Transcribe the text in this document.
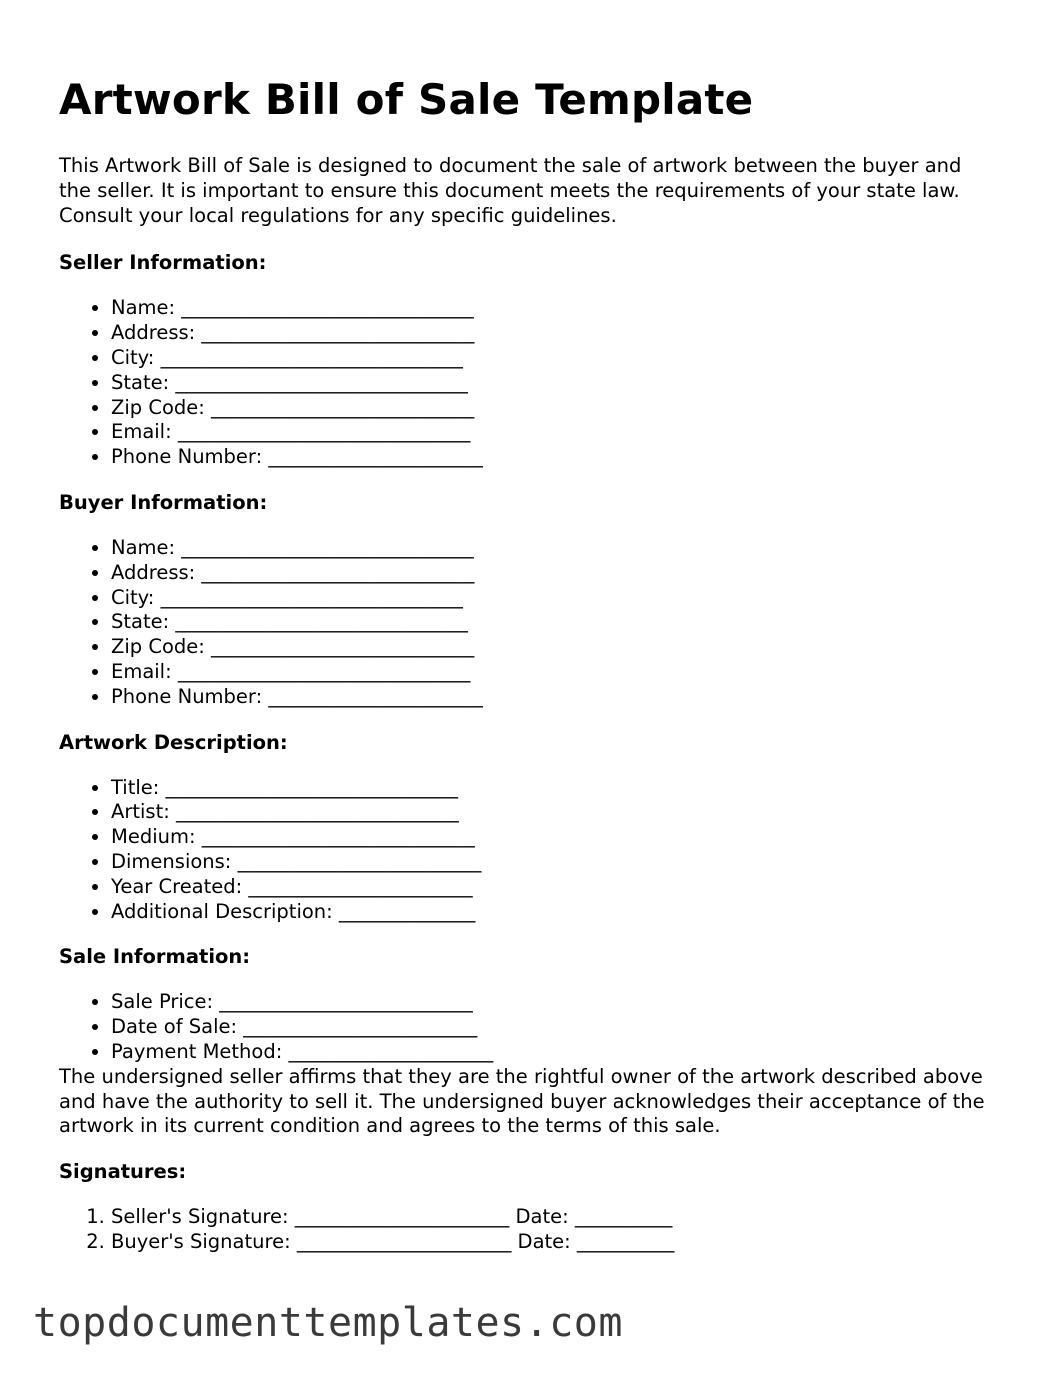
Artwork Bill of Sale Template

This Artwork Bill of Sale is designed to document the sale of artwork between the buyer and the seller. It is important to ensure this document meets the requirements of your state law. Consult your local regulations for any specific guidelines.

Seller Information:
• Name: ______________________________
• Address: ____________________________
• City: _______________________________
• State: ______________________________
• Zip Code: ___________________________
• Email: ______________________________
• Phone Number: ______________________
Buyer Information:
• Name: ______________________________
• Address: ____________________________
• City: _______________________________
• State: ______________________________
• Zip Code: ___________________________
• Email: ______________________________
• Phone Number: ______________________
Artwork Description:
• Title: ______________________________
• Artist: _____________________________
• Medium: ____________________________
• Dimensions: _________________________
• Year Created: _______________________
• Additional Description: ______________
Sale Information:
• Sale Price: __________________________
• Date of Sale: ________________________
• Payment Method: _____________________

The undersigned seller affirms that they are the rightful owner of the artwork described above and have the authority to sell it. The undersigned buyer acknowledges their acceptance of the artwork in its current condition and agrees to the terms of this sale.

Signatures:
1. Seller's Signature: ______________________ Date: __________
2. Buyer's Signature: ______________________ Date: __________
topdocumenttemplates.com
